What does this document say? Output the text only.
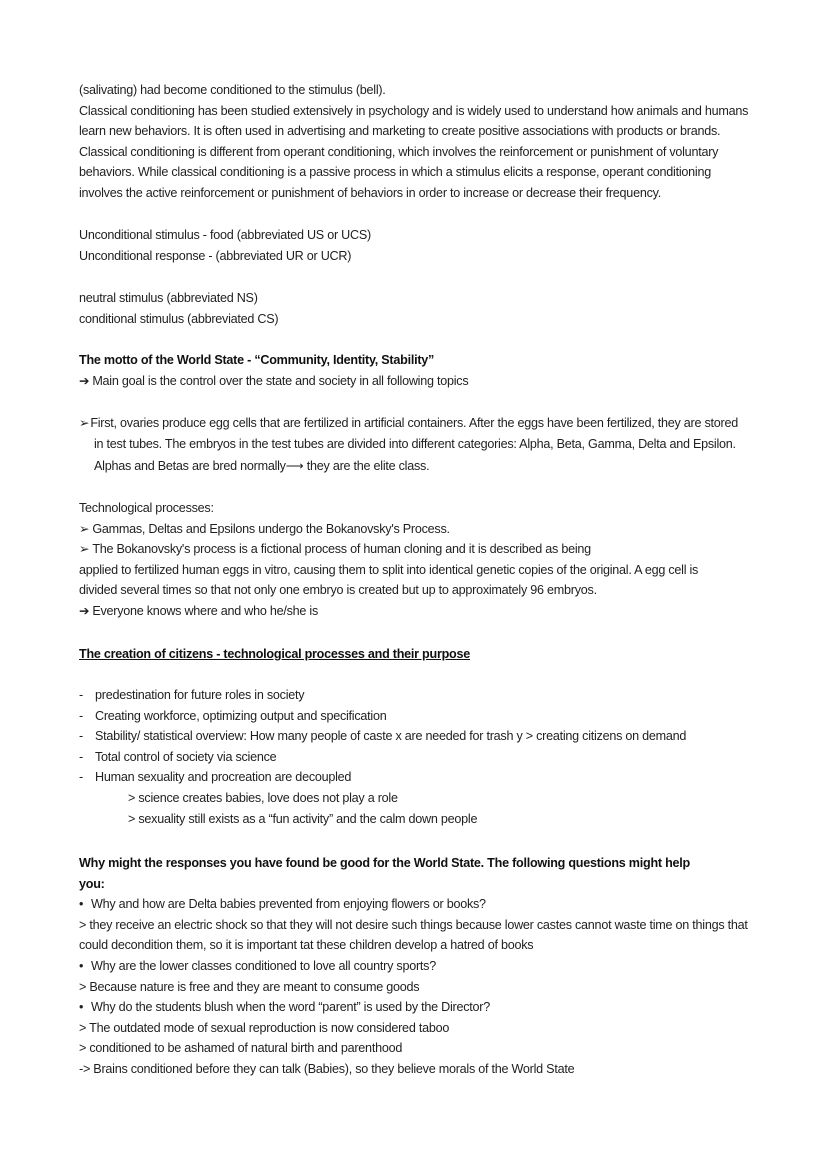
(salivating) had become conditioned to the stimulus (bell).
Classical conditioning has been studied extensively in psychology and is widely used to understand how animals and humans
learn new behaviors. It is often used in advertising and marketing to create positive associations with products or brands.
Classical conditioning is different from operant conditioning, which involves the reinforcement or punishment of voluntary
behaviors. While classical conditioning is a passive process in which a stimulus elicits a response, operant conditioning
involves the active reinforcement or punishment of behaviors in order to increase or decrease their frequency.
Unconditional stimulus - food (abbreviated US or UCS)
Unconditional response - (abbreviated UR or UCR)
neutral stimulus (abbreviated NS)
conditional stimulus (abbreviated CS)
The motto of the World State - “Community, Identity, Stability”
➔ Main goal is the control over the state and society in all following topics
➢First, ovaries produce egg cells that are fertilized in artificial containers. After the eggs have been fertilized, they are stored
in test tubes. The embryos in the test tubes are divided into different categories: Alpha, Beta, Gamma, Delta and Epsilon.
Alphas and Betas are bred normally⟶ they are the elite class.
Technological processes:
➢ Gammas, Deltas and Epsilons undergo the Bokanovsky's Process.
➢ The Bokanovsky's process is a fictional process of human cloning and it is described as being
applied to fertilized human eggs in vitro, causing them to split into identical genetic copies of the original. A egg cell is
divided several times so that not only one embryo is created but up to approximately 96 embryos.
➔ Everyone knows where and who he/she is
The creation of citizens - technological processes and their purpose
- predestination for future roles in society
- Creating workforce, optimizing output and specification
- Stability/ statistical overview: How many people of caste x are needed for trash y > creating citizens on demand
- Total control of society via science
- Human sexuality and procreation are decoupled
> science creates babies, love does not play a role
> sexuality still exists as a “fun activity” and the calm down people
Why might the responses you have found be good for the World State. The following questions might help
you:
• Why and how are Delta babies prevented from enjoying flowers or books?
> they receive an electric shock so that they will not desire such things because lower castes cannot waste time on things that
could decondition them, so it is important tat these children develop a hatred of books
• Why are the lower classes conditioned to love all country sports?
> Because nature is free and they are meant to consume goods
• Why do the students blush when the word “parent” is used by the Director?
> The outdated mode of sexual reproduction is now considered taboo
> conditioned to be ashamed of natural birth and parenthood
-> Brains conditioned before they can talk (Babies), so they believe morals of the World State
